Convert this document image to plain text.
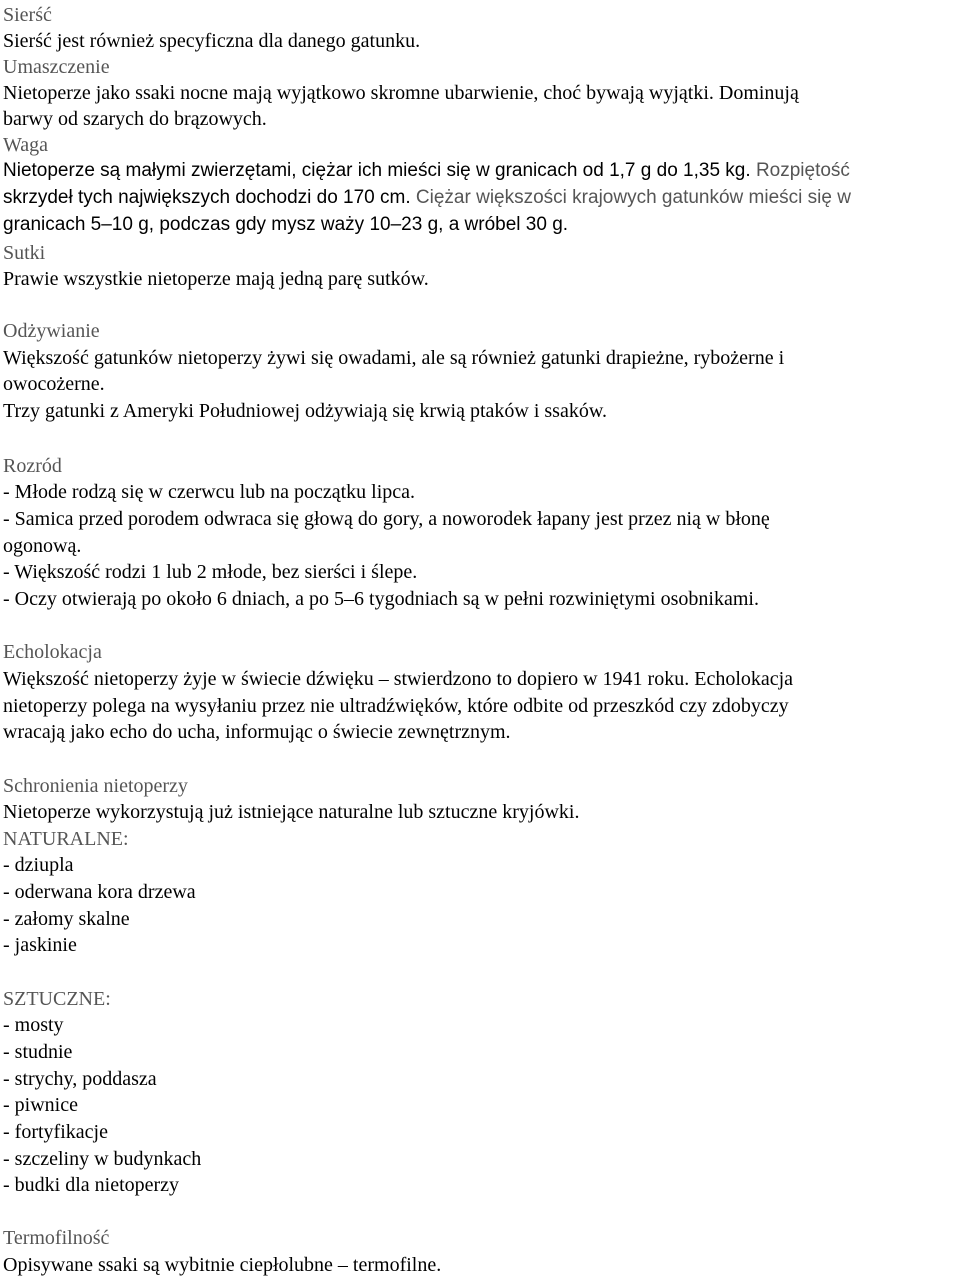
Sierść
Sierść jest również specyficzna dla danego gatunku.
Umaszczenie
Nietoperze jako ssaki nocne mają wyjątkowo skromne ubarwienie, choć bywają wyjątki. Dominują
barwy od szarych do brązowych.
Waga
Nietoperze są małymi zwierzętami, ciężar ich mieści się w granicach od 1,7 g do 1,35 kg. Rozpiętość
skrzydeł tych największych dochodzi do 170 cm. Ciężar większości krajowych gatunków mieści się w
granicach 5–10 g, podczas gdy mysz waży 10–23 g, a wróbel 30 g.
Sutki
Prawie wszystkie nietoperze mają jedną parę sutków.
Odżywianie
Większość gatunków nietoperzy żywi się owadami, ale są również gatunki drapieżne, rybożerne i
owocożerne.
Trzy gatunki z Ameryki Południowej odżywiają się krwią ptaków i ssaków.
Rozród
- Młode rodzą się w czerwcu lub na początku lipca.
- Samica przed porodem odwraca się głową do gory, a noworodek łapany jest przez nią w błonę
ogonową.
- Większość rodzi 1 lub 2 młode, bez sierści i ślepe.
- Oczy otwierają po około 6 dniach, a po 5–6 tygodniach są w pełni rozwiniętymi osobnikami.
Echolokacja
Większość nietoperzy żyje w świecie dźwięku – stwierdzono to dopiero w 1941 roku. Echolokacja
nietoperzy polega na wysyłaniu przez nie ultradźwięków, które odbite od przeszkód czy zdobyczy
wracają jako echo do ucha, informując o świecie zewnętrznym.
Schronienia nietoperzy
Nietoperze wykorzystują już istniejące naturalne lub sztuczne kryjówki.
NATURALNE:
- dziupla
- oderwana kora drzewa
- załomy skalne
- jaskinie
SZTUCZNE:
- mosty
- studnie
- strychy, poddasza
- piwnice
- fortyfikacje
- szczeliny w budynkach
- budki dla nietoperzy
Termofilność
Opisywane ssaki są wybitnie ciepłolubne – termofilne.
